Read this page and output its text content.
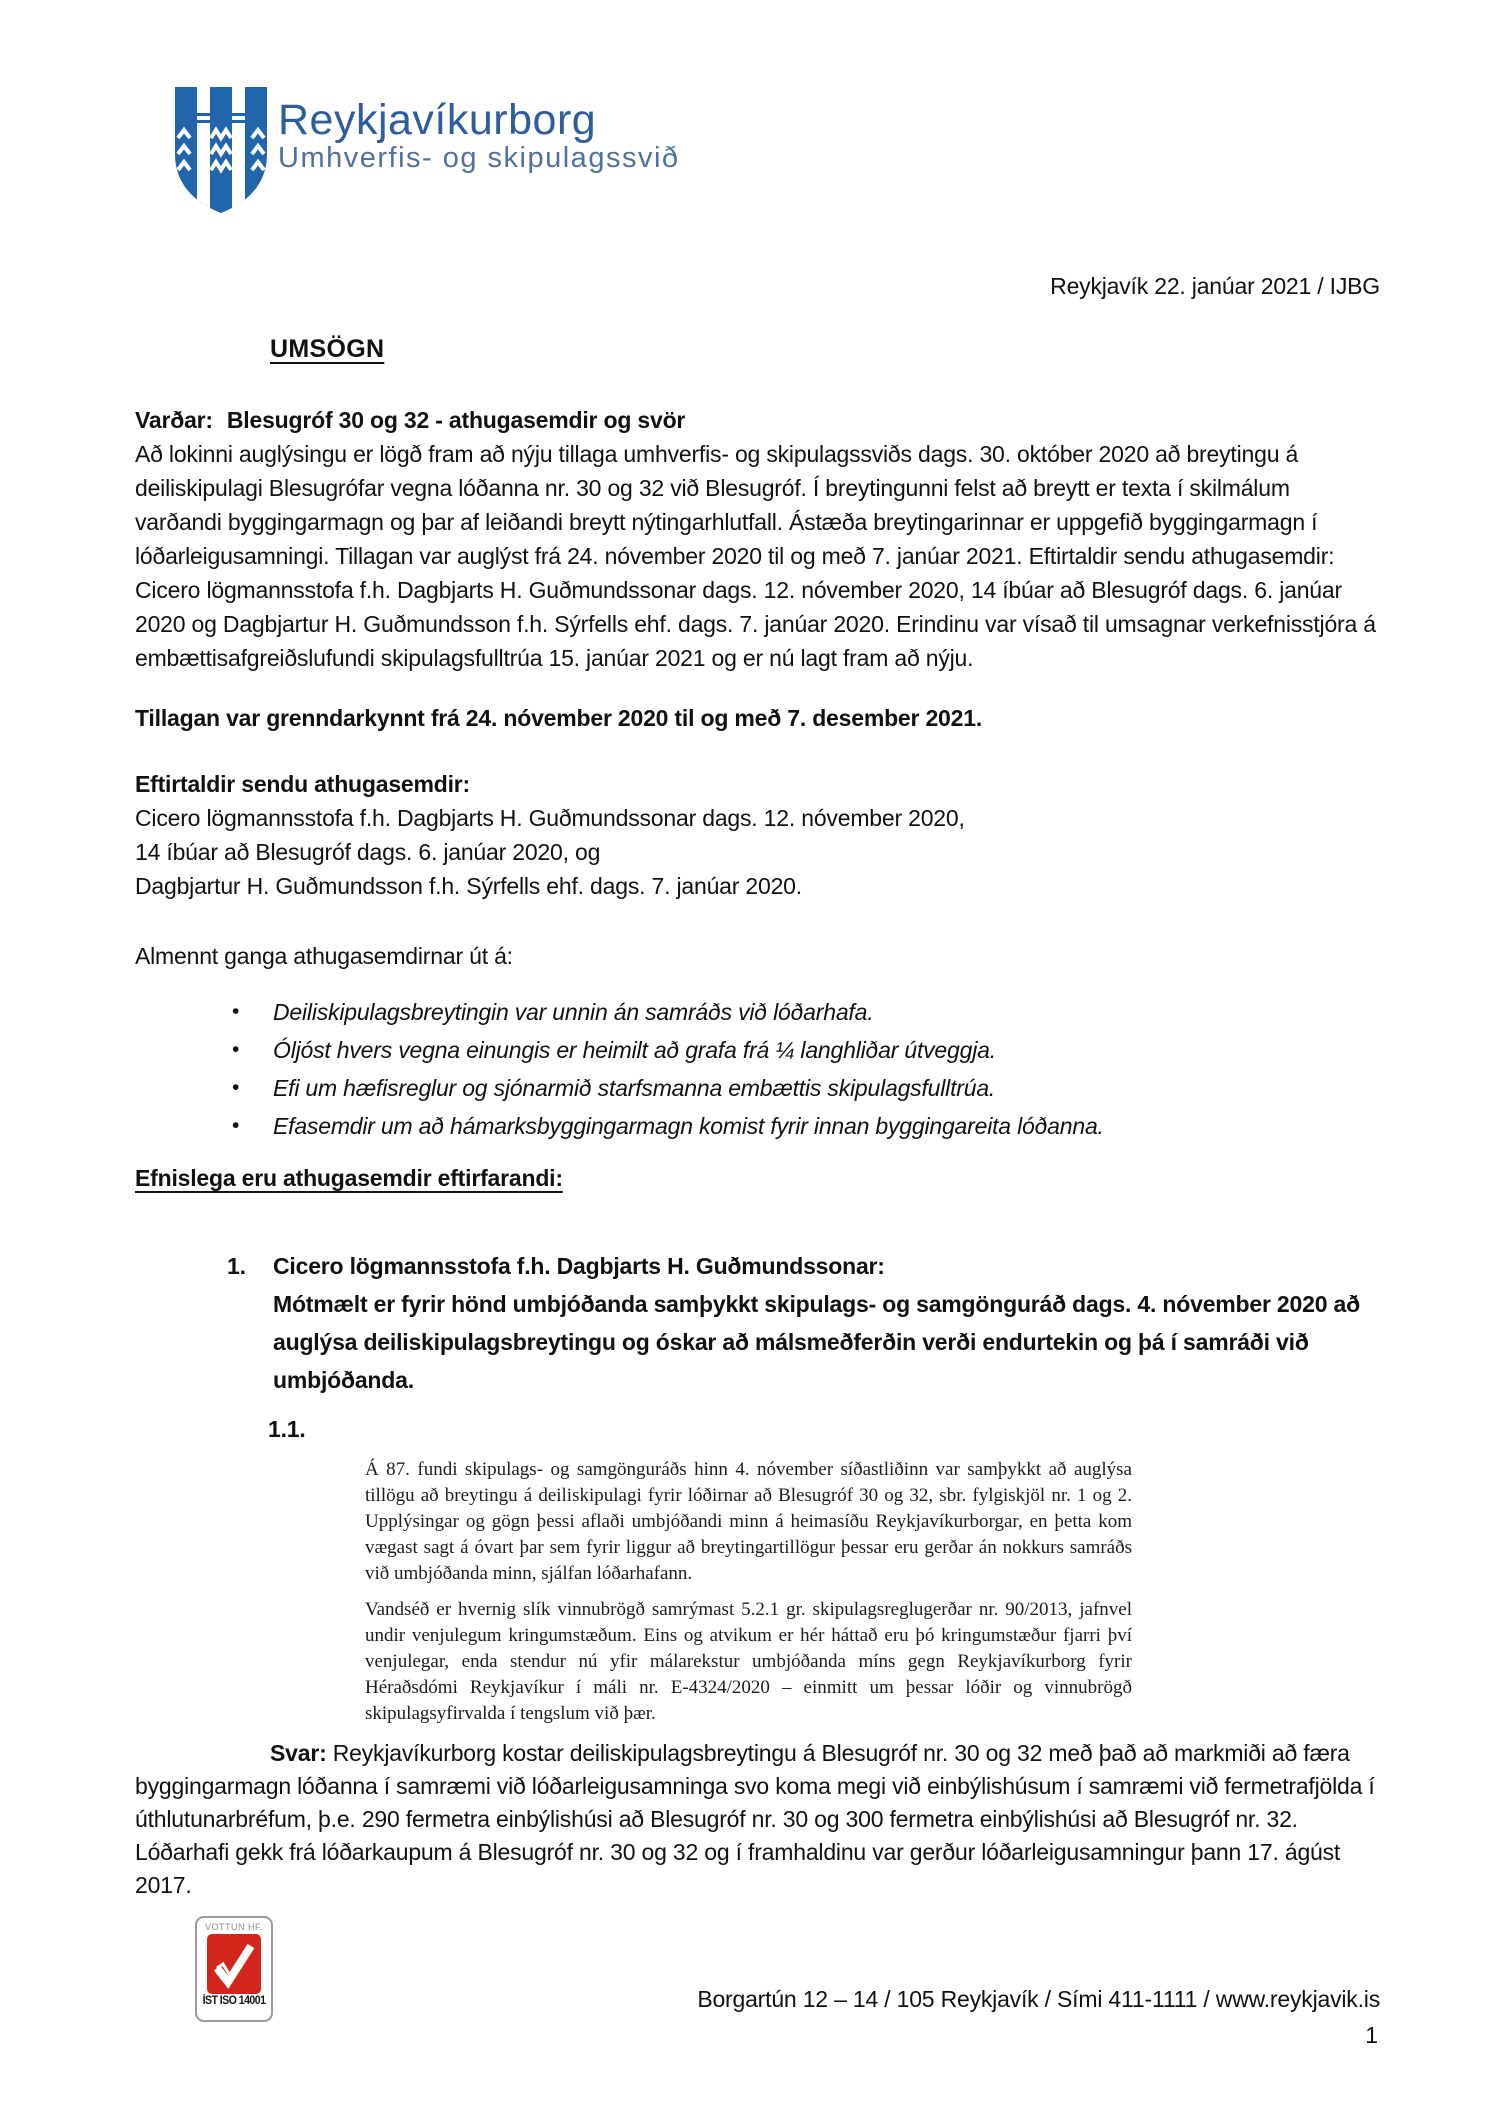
Reykjavíkurborg
Umhverfis- og skipulagssvið
Reykjavík 22. janúar 2021 / IJBG
UMSÖGN
Varðar: Blesugróf 30 og 32 - athugasemdir og svör
Að lokinni auglýsingu er lögð fram að nýju tillaga umhverfis- og skipulagssviðs dags. 30. október 2020 að breytingu á deiliskipulagi Blesugrófar vegna lóðanna nr. 30 og 32 við Blesugróf. Í breytingunni felst að breytt er texta í skilmálum varðandi byggingarmagn og þar af leiðandi breytt nýtingarhlutfall. Ástæða breytingarinnar er uppgefið byggingarmagn í lóðarleigusamningi. Tillagan var auglýst frá 24. nóvember 2020 til og með 7. janúar 2021. Eftirtaldir sendu athugasemdir: Cicero lögmannsstofa f.h. Dagbjarts H. Guðmundssonar dags. 12. nóvember 2020, 14 íbúar að Blesugróf dags. 6. janúar 2020 og Dagbjartur H. Guðmundsson f.h. Sýrfells ehf. dags. 7. janúar 2020. Erindinu var vísað til umsagnar verkefnisstjóra á embættisafgreiðslufundi skipulagsfulltrúa 15. janúar 2021 og er nú lagt fram að nýju.
Tillagan var grenndarkynnt frá 24. nóvember 2020 til og með 7. desember 2021.
Eftirtaldir sendu athugasemdir:
Cicero lögmannsstofa f.h. Dagbjarts H. Guðmundssonar dags. 12. nóvember 2020,
14 íbúar að Blesugróf dags. 6. janúar 2020, og
Dagbjartur H. Guðmundsson f.h. Sýrfells ehf. dags. 7. janúar 2020.
Almennt ganga athugasemdirnar út á:
•	Deiliskipulagsbreytingin var unnin án samráðs við lóðarhafa.
•	Óljóst hvers vegna einungis er heimilt að grafa frá ¼ langhliðar útveggja.
•	Efi um hæfisreglur og sjónarmið starfsmanna embættis skipulagsfulltrúa.
•	Efasemdir um að hámarksbyggingarmagn komist fyrir innan byggingareita lóðanna.
Efnislega eru athugasemdir eftirfarandi:
1.	Cicero lögmannsstofa f.h. Dagbjarts H. Guðmundssonar:
Mótmælt er fyrir hönd umbjóðanda samþykkt skipulags- og samgönguráð dags. 4. nóvember 2020 að auglýsa deiliskipulagsbreytingu og óskar að málsmeðferðin verði endurtekin og þá í samráði við umbjóðanda.
1.1.
Á 87. fundi skipulags- og samgönguráðs hinn 4. nóvember síðastliðinn var samþykkt að auglýsa tillögu að breytingu á deiliskipulagi fyrir lóðirnar að Blesugróf 30 og 32, sbr. fylgiskjöl nr. 1 og 2. Upplýsingar og gögn þessi aflaði umbjóðandi minn á heimasíðu Reykjavíkurborgar, en þetta kom vægast sagt á óvart þar sem fyrir liggur að breytingartillögur þessar eru gerðar án nokkurs samráðs við umbjóðanda minn, sjálfan lóðarhafann.
Vandséð er hvernig slík vinnubrögð samrýmast 5.2.1 gr. skipulagsreglugerðar nr. 90/2013, jafnvel undir venjulegum kringumstæðum. Eins og atvikum er hér háttað eru þó kringumstæður fjarri því venjulegar, enda stendur nú yfir málarekstur umbjóðanda míns gegn Reykjavíkurborg fyrir Héraðsdómi Reykjavíkur í máli nr. E-4324/2020 – einmitt um þessar lóðir og vinnubrögð skipulagsyfirvalda í tengslum við þær.
Svar: Reykjavíkurborg kostar deiliskipulagsbreytingu á Blesugróf nr. 30 og 32 með það að markmiði að færa byggingarmagn lóðanna í samræmi við lóðarleigusamninga svo koma megi við einbýlishúsum í samræmi við fermetrafjölda í úthlutunarbréfum, þ.e. 290 fermetra einbýlishúsi að Blesugróf nr. 30 og 300 fermetra einbýlishúsi að Blesugróf nr. 32. Lóðarhafi gekk frá lóðarkaupum á Blesugróf nr. 30 og 32 og í framhaldinu var gerður lóðarleigusamningur þann 17. ágúst 2017.
VOTTUN HF.
ÍST ISO 14001	Borgartún 12 – 14 / 105 Reykjavík / Sími 411-1111 / www.reykjavik.is
1
